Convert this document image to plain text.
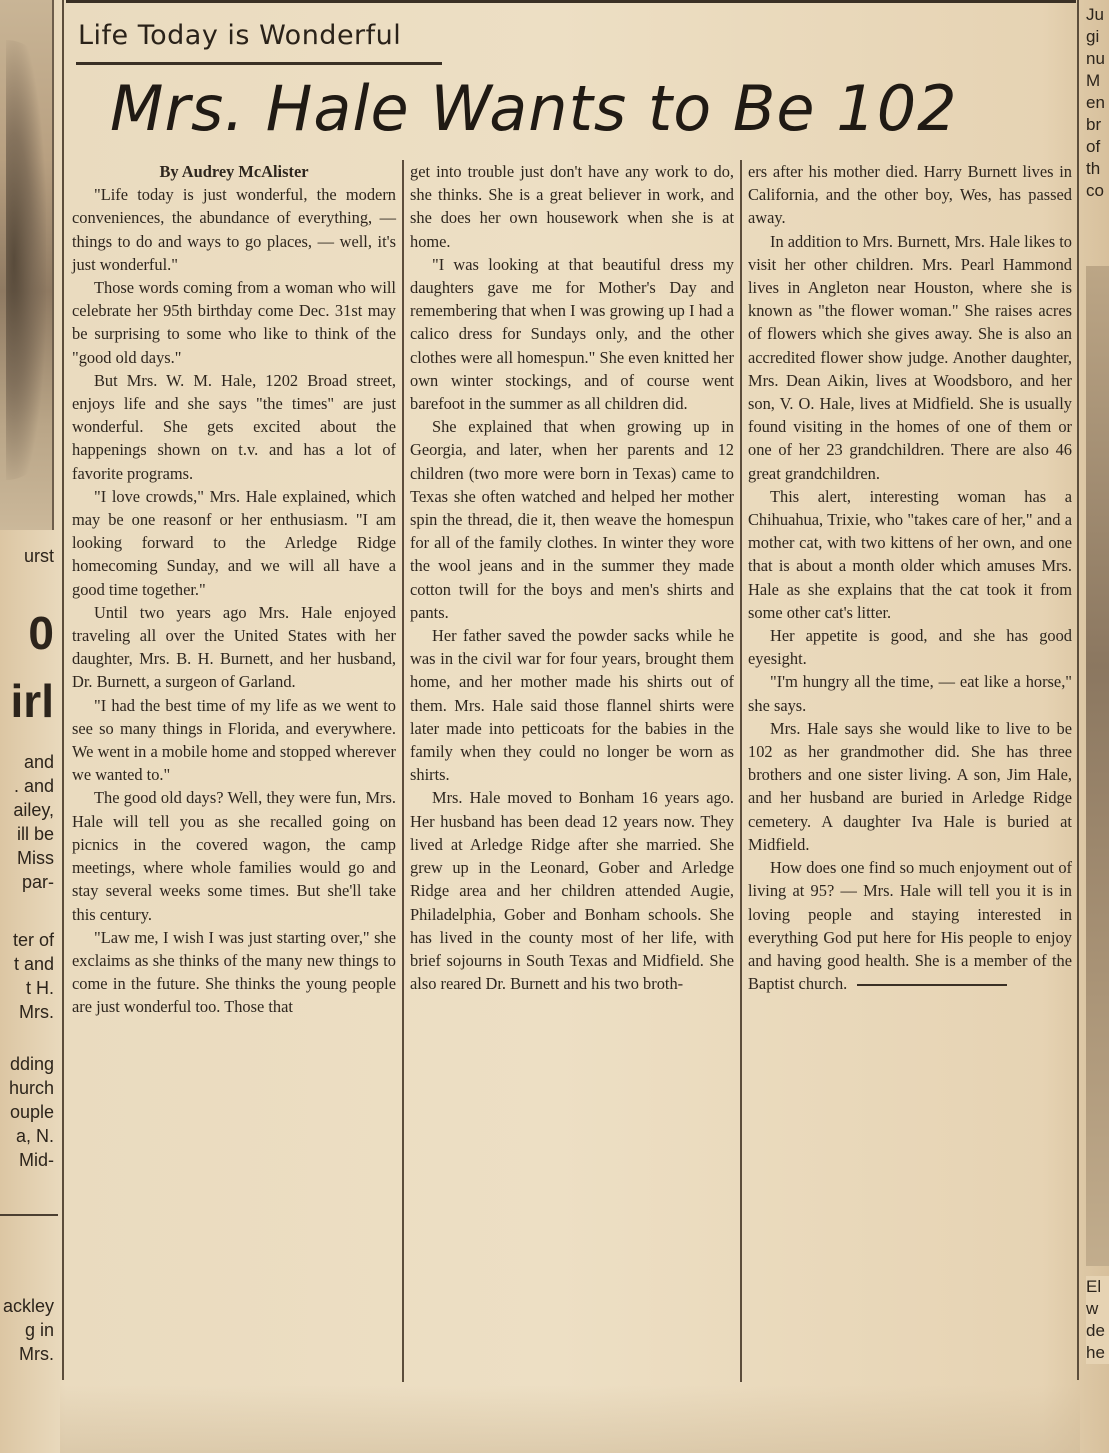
urst
0
irl
and
. and
ailey,
ill be
Miss
par-
ter of
t and
t H.
Mrs.
dding
hurch
ouple
a, N.
Mid-
ackley
g in
Mrs.
Ju
gi
nu
M
en
br
of
th
co
El
w
de
he
Life Today is Wonderful
Mrs. Hale Wants to Be 102

By Audrey McAlister

"Life today is just wonderful, the modern conveniences, the abundance of everything, — things to do and ways to go places, — well, it's just wonderful."

Those words coming from a woman who will celebrate her 95th birthday come Dec. 31st may be surprising to some who like to think of the "good old days."

But Mrs. W. M. Hale, 1202 Broad street, enjoys life and she says "the times" are just wonderful. She gets excited about the happenings shown on t.v. and has a lot of favorite programs.

"I love crowds," Mrs. Hale explained, which may be one reasonf or her enthusiasm. "I am looking forward to the Arledge Ridge homecoming Sunday, and we will all have a good time together."

Until two years ago Mrs. Hale enjoyed traveling all over the United States with her daughter, Mrs. B. H. Burnett, and her husband, Dr. Burnett, a surgeon of Garland.

"I had the best time of my life as we went to see so many things in Florida, and everywhere. We went in a mobile home and stopped wherever we wanted to."

The good old days? Well, they were fun, Mrs. Hale will tell you as she recalled going on picnics in the covered wagon, the camp meetings, where whole families would go and stay several weeks some times. But she'll take this century.

"Law me, I wish I was just starting over," she exclaims as she thinks of the many new things to come in the future. She thinks the young people are just wonderful too. Those that

get into trouble just don't have any work to do, she thinks. She is a great believer in work, and she does her own housework when she is at home.

"I was looking at that beautiful dress my daughters gave me for Mother's Day and remembering that when I was growing up I had a calico dress for Sundays only, and the other clothes were all homespun." She even knitted her own winter stockings, and of course went barefoot in the summer as all children did.

She explained that when growing up in Georgia, and later, when her parents and 12 children (two more were born in Texas) came to Texas she often watched and helped her mother spin the thread, die it, then weave the homespun for all of the family clothes. In winter they wore the wool jeans and in the summer they made cotton twill for the boys and men's shirts and pants.

Her father saved the powder sacks while he was in the civil war for four years, brought them home, and her mother made his shirts out of them. Mrs. Hale said those flannel shirts were later made into petticoats for the babies in the family when they could no longer be worn as shirts.

Mrs. Hale moved to Bonham 16 years ago. Her husband has been dead 12 years now. They lived at Arledge Ridge after she married. She grew up in the Leonard, Gober and Arledge Ridge area and her children attended Augie, Philadelphia, Gober and Bonham schools. She has lived in the county most of her life, with brief sojourns in South Texas and Midfield. She also reared Dr. Burnett and his two broth-

ers after his mother died. Harry Burnett lives in California, and the other boy, Wes, has passed away.

In addition to Mrs. Burnett, Mrs. Hale likes to visit her other children. Mrs. Pearl Hammond lives in Angleton near Houston, where she is known as "the flower woman." She raises acres of flowers which she gives away. She is also an accredited flower show judge. Another daughter, Mrs. Dean Aikin, lives at Woodsboro, and her son, V. O. Hale, lives at Midfield. She is usually found visiting in the homes of one of them or one of her 23 grandchildren. There are also 46 great grandchildren.

This alert, interesting woman has a Chihuahua, Trixie, who "takes care of her," and a mother cat, with two kittens of her own, and one that is about a month older which amuses Mrs. Hale as she explains that the cat took it from some other cat's litter.

Her appetite is good, and she has good eyesight.

"I'm hungry all the time, — eat like a horse," she says.

Mrs. Hale says she would like to live to be 102 as her grandmother did. She has three brothers and one sister living. A son, Jim Hale, and her husband are buried in Arledge Ridge cemetery. A daughter Iva Hale is buried at Midfield.

How does one find so much enjoyment out of living at 95? — Mrs. Hale will tell you it is in loving people and staying interested in everything God put here for His people to enjoy and having good health. She is a member of the Baptist church.
